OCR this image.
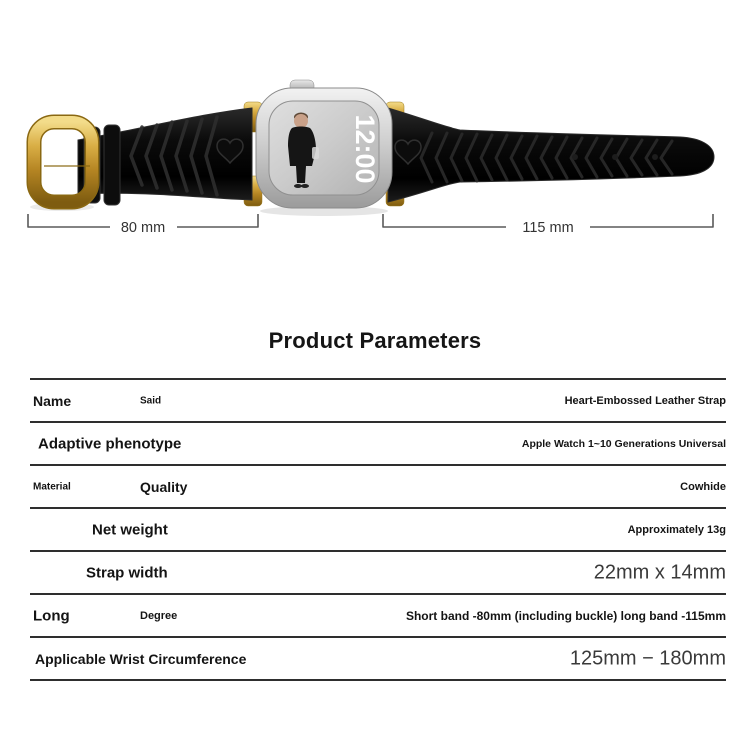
12:00
80 mm	115 mm
Product Parameters
Name	Said	Heart-Embossed Leather Strap
Adaptive phenotype	Apple Watch 1~10 Generations Universal
Material	Quality	Cowhide
Net weight	Approximately 13g
Strap width	22mm x 14mm
Long	Degree	Short band -80mm (including buckle) long band -115mm
Applicable Wrist Circumference	125mm − 180mm
